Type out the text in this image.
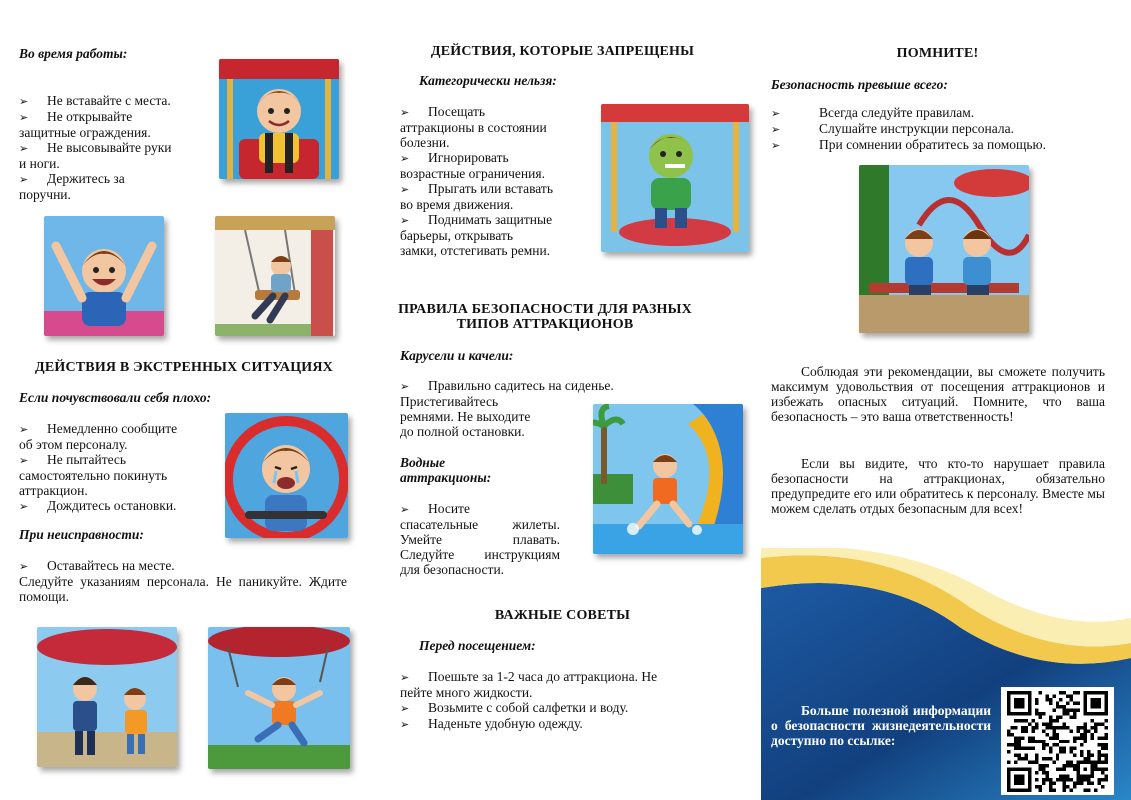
Во время работы:
➢Не вставайте с места.
➢Не открывайте
защитные ограждения.
➢Не высовывайте руки
и ноги.
➢Держитесь за
поручни.
ДЕЙСТВИЯ В ЭКСТРЕННЫХ СИТУАЦИЯХ
Если почувствовали себя плохо:
➢Немедленно сообщите
об этом персоналу.
➢Не пытайтесь
самостоятельно покинуть
аттракцион.
➢Дождитесь остановки.
При неисправности:
➢Оставайтесь на месте.
Следуйте указаниям персонала. Не паникуйте. Ждите помощи.
ДЕЙСТВИЯ, КОТОРЫЕ ЗАПРЕЩЕНЫ
Категорически нельзя:
➢Посещать
аттракционы в состоянии
болезни.
➢Игнорировать
возрастные ограничения.
➢Прыгать или вставать
во время движения.
➢Поднимать защитные
барьеры, открывать
замки, отстегивать ремни.
ПРАВИЛА БЕЗОПАСНОСТИ ДЛЯ РАЗНЫХ
ТИПОВ АТТРАКЦИОНОВ
Карусели и качели:
➢Правильно садитесь на сиденье.
Пристегивайтесь
ремнями. Не выходите
до полной остановки.
Водные
аттракционы:
➢Носите
спасательные жилеты.
Умейте плавать.
Следуйте инструкциям
для безопасности.
ВАЖНЫЕ СОВЕТЫ
Перед посещением:
➢Поешьте за 1-2 часа до аттракциона. Не
пейте много жидкости.
➢Возьмите с собой салфетки и воду.
➢Наденьте удобную одежду.
ПОМНИТЕ!
Безопасность превыше всего:
➢Всегда следуйте правилам.
➢Слушайте инструкции персонала.
➢При сомнении обратитесь за помощью.
Соблюдая эти рекомендации, вы сможете получить максимум удовольствия от посещения аттракционов и избежать опасных ситуаций. Помните, что ваша безопасность – это ваша ответственность!
Если вы видите, что кто-то нарушает правила безопасности на аттракционах, обязательно предупредите его или обратитесь к персоналу. Вместе мы можем сделать отдых безопасным для всех!
Больше полезной информации о безопасности жизнедеятельности доступно по ссылке:
